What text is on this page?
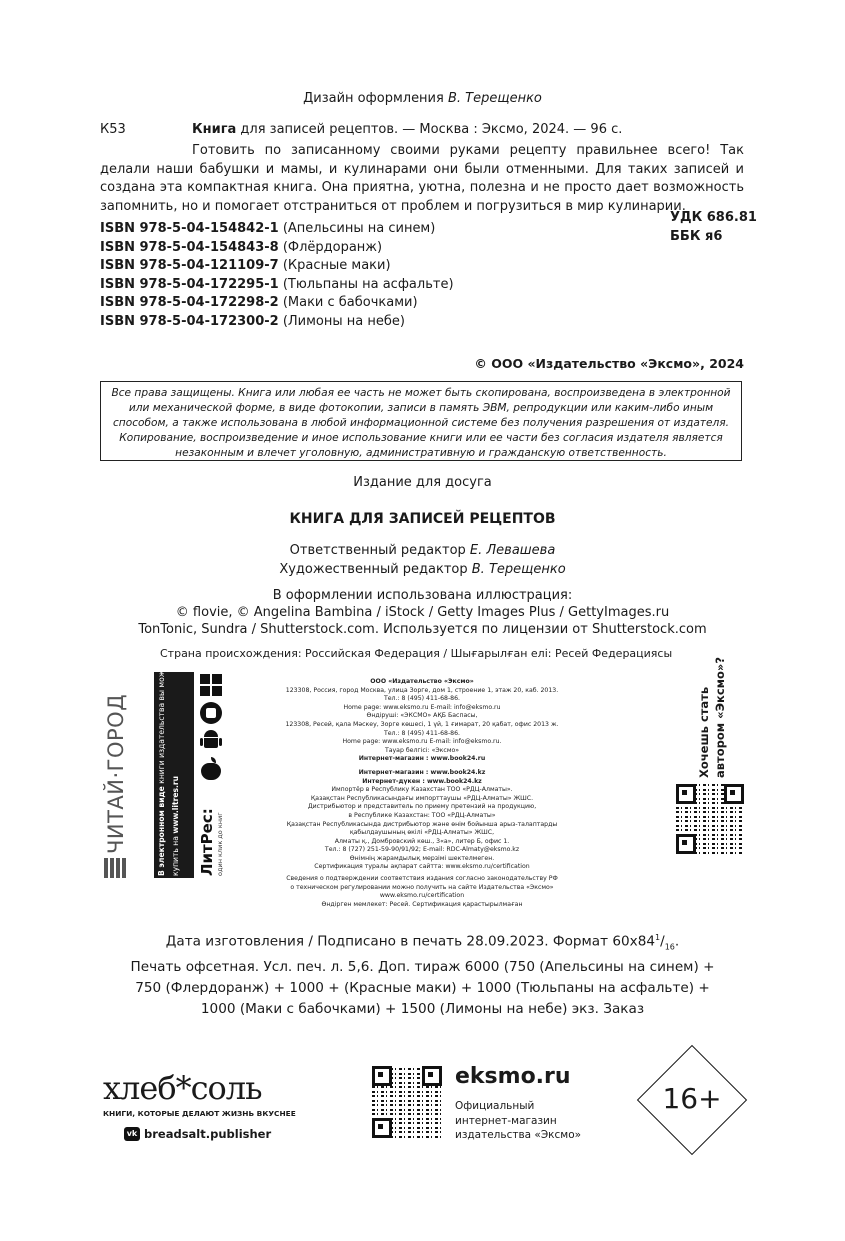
Дизайн оформления В. Терещенко
К53	Книга для записей рецептов. — Москва : Эксмо, 2024. — 96 с.
Готовить по записанному своими руками рецепту правильнее всего! Так делали наши бабушки и мамы, и кулинарами они были отменными. Для таких записей и создана эта компактная книга. Она приятна, уютна, полезна и не просто дает возможность запомнить, но и помогает отстраниться от проблем и погрузиться в мир кулинарии.
УДК 686.81
ББК я6
ISBN 978-5-04-154842-1 (Апельсины на синем)
ISBN 978-5-04-154843-8 (Флёрдоранж)
ISBN 978-5-04-121109-7 (Красные маки)
ISBN 978-5-04-172295-1 (Тюльпаны на асфальте)
ISBN 978-5-04-172298-2 (Маки с бабочками)
ISBN 978-5-04-172300-2 (Лимоны на небе)
© ООО «Издательство «Эксмо», 2024
Все права защищены. Книга или любая ее часть не может быть скопирована, воспроизведена в электронной или механической форме, в виде фотокопии, записи в память ЭВМ, репродукции или каким-либо иным способом, а также использована в любой информационной системе без получения разрешения от издателя. Копирование, воспроизведение и иное использование книги или ее части без согласия издателя является незаконным и влечет уголовную, административную и гражданскую ответственность.
Издание для досуга
КНИГА ДЛЯ ЗАПИСЕЙ РЕЦЕПТОВ
Ответственный редактор Е. Левашева
Художественный редактор В. Терещенко
В оформлении использована иллюстрация:
© flovie, © Angelina Bambina / iStock / Getty Images Plus / GettyImages.ru
TonTonic, Sundra / Shutterstock.com. Используется по лицензии от Shutterstock.com
Страна происхождения: Российская Федерация / Шығарылған елі: Ресей Федерациясы
ЧИТАЙ·ГОРОД	В электронном виде книги издательства вы можете
купить на www.litres.ru
ЛитРес: один клик до книг
ООО «Издательство «Эксмо»
123308, Россия, город Москва, улица Зорге, дом 1, строение 1, этаж 20, каб. 2013.
Тел.: 8 (495) 411-68-86.
Home page: www.eksmo.ru E-mail: info@eksmo.ru
Өндіруші: «ЭКСМО» АҚБ Баспасы,
123308, Ресей, қала Мәскеу, Зорге көшесі, 1 үй, 1 ғимарат, 20 қабат, офис 2013 ж.
Тел.: 8 (495) 411-68-86.
Home page: www.eksmo.ru E-mail: info@eksmo.ru.
Тауар белгісі: «Эксмо»
Интернет-магазин : www.book24.ru
Интернет-магазин : www.book24.kz
Интернет-дүкен : www.book24.kz
Импортёр в Республику Казахстан ТОО «РДЦ-Алматы».
Қазақстан Республикасындағы импорттаушы «РДЦ-Алматы» ЖШС.
Дистрибьютор и представитель по приему претензий на продукцию,
в Республике Казахстан: ТОО «РДЦ-Алматы»
Қазақстан Республикасында дистрибьютор және өнім бойынша арыз-талаптарды
қабылдаушының өкілі «РДЦ-Алматы» ЖШС,
Алматы қ., Домбровский көш., 3«а», литер Б, офис 1.
Тел.: 8 (727) 251-59-90/91/92; E-mail: RDC-Almaty@eksmo.kz
Өнімнің жарамдылық мерзімі шектелмеген.
Сертификация туралы ақпарат сайтта: www.eksmo.ru/certification
Сведения о подтверждении соответствия издания согласно законодательству РФ
о техническом регулировании можно получить на сайте Издательства «Эксмо»
www.eksmo.ru/certification
Өндірген мемлекет: Ресей. Сертификация қарастырылмаған
Хочешь стать автором «Эксмо»?
Дата изготовления / Подписано в печать 28.09.2023. Формат $60x84^1/_{16}$.
Печать офсетная. Усл. печ. л. 5,6. Доп. тираж 6000 (750 (Апельсины на синем) +
750 (Флердоранж) + 1000 + (Красные маки) + 1000 (Тюльпаны на асфальте) +
1000 (Маки с бабочками) + 1500 (Лимоны на небе) экз. Заказ
хлеб*соль
КНИГИ, КОТОРЫЕ ДЕЛАЮТ ЖИЗНЬ ВКУСНЕЕ
vk breadsalt.publisher
eksmo.ru
Официальный
интернет-магазин
издательства «Эксмо»
16+
